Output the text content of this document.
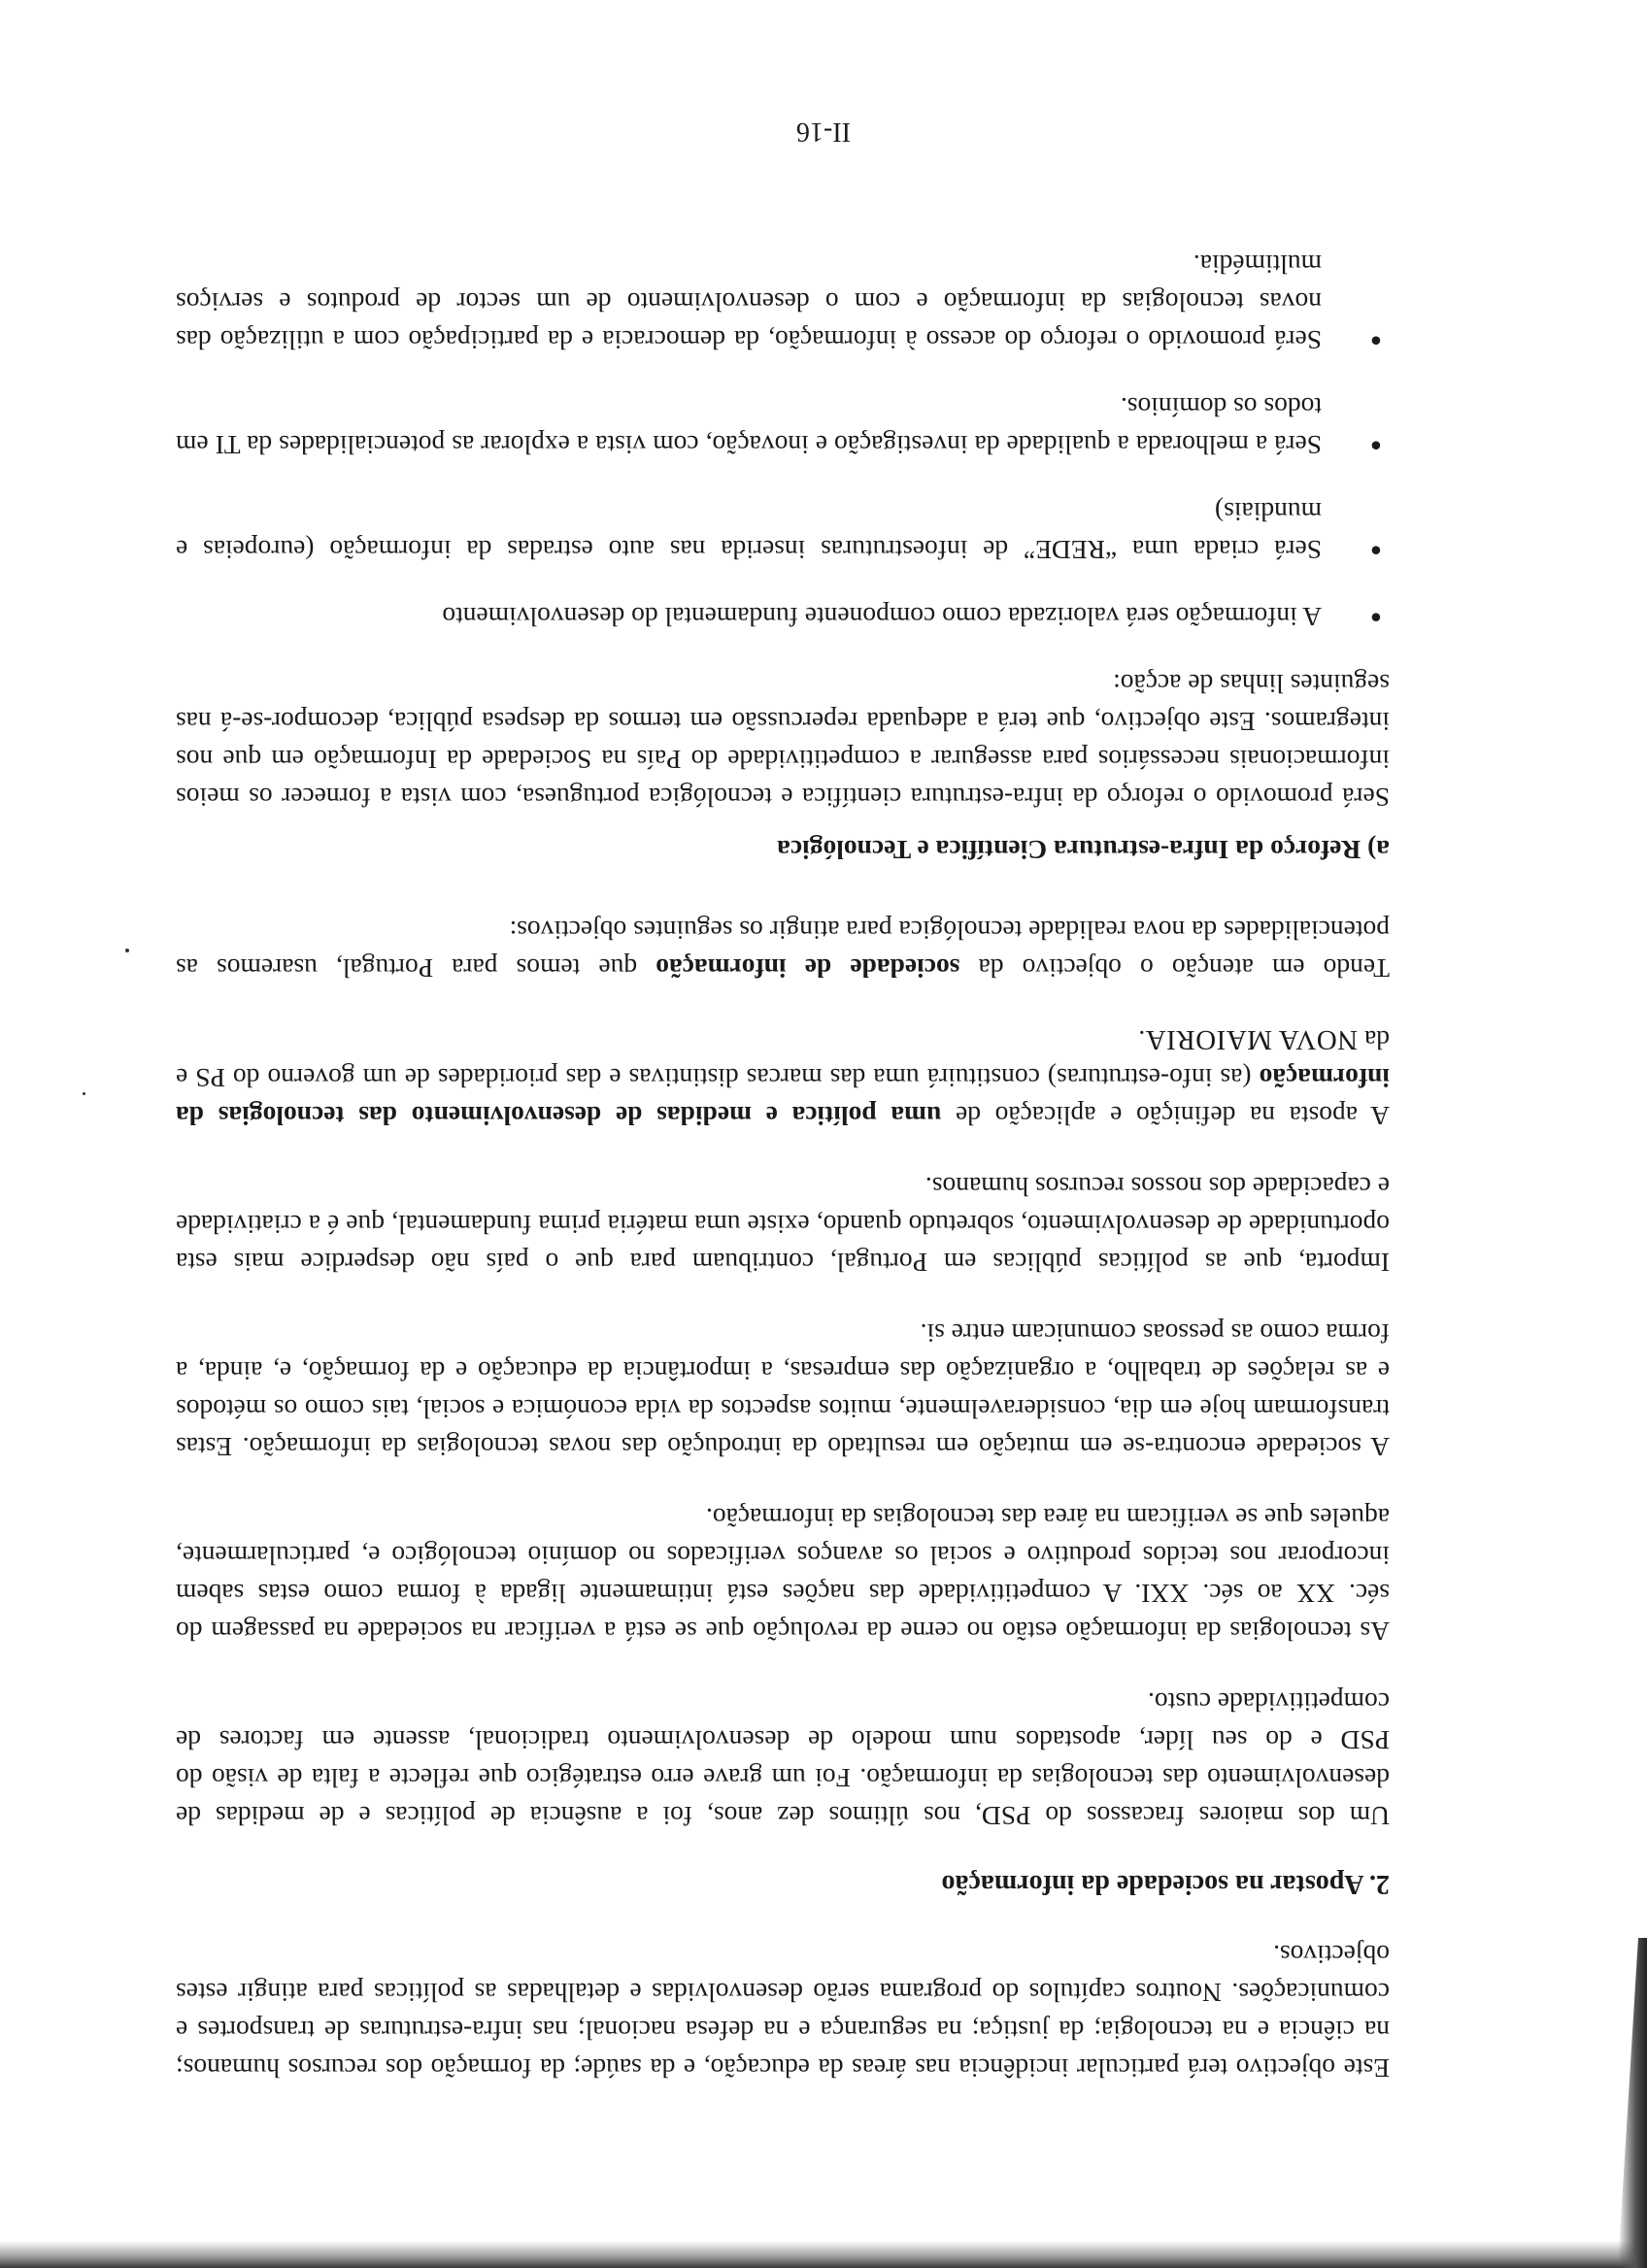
Este objectivo terá particular incidência nas áreas da educação, e da saúde; da formação dos recursos humanos; na ciência e na tecnologia; da justiça; na segurança e na defesa nacional; nas infra-estruturas de transportes e comunicações. Noutros capítulos do programa serão desenvolvidas e detalhadas as políticas para atingir estes objectivos.

2. Apostar na sociedade da informação

Um dos maiores fracassos do PSD, nos últimos dez anos, foi a ausência de políticas e de medidas de desenvolvimento das tecnologias da informação. Foi um grave erro estratégico que reflecte a falta de visão do PSD e do seu líder, apostados num modelo de desenvolvimento tradicional, assente em factores de competitividade custo.

As tecnologias da informação estão no cerne da revolução que se está a verificar na sociedade na passagem do séc. XX ao séc. XXI. A competitividade das nações está intimamente ligada à forma como estas sabem incorporar nos tecidos produtivo e social os avanços verificados no domínio tecnológico e, particularmente, aqueles que se verificam na área das tecnologias da informação.

A sociedade encontra-se em mutação em resultado da introdução das novas tecnologias da informação. Estas transformam hoje em dia, consideravelmente, muitos aspectos da vida económica e social, tais como os métodos e as relações de trabalho, a organização das empresas, a importância da educação e da formação, e, ainda, a forma como as pessoas comunicam entre si.

Importa, que as políticas públicas em Portugal, contribuam para que o país não desperdice mais esta oportunidade de desenvolvimento, sobretudo quando, existe uma matéria prima fundamental, que é a criatividade e capacidade dos nossos recursos humanos.

A aposta na definição e aplicação de uma política e medidas de desenvolvimento das tecnologias da informação (as info-estruturas) constituirá uma das marcas distintivas e das prioridades de um governo do PS e da NOVA MAIORIA.

Tendo em atenção o objectivo da sociedade de informação que temos para Portugal, usaremos as potencialidades da nova realidade tecnológica para atingir os seguintes objectivos:

a) Reforço da Infra-estrutura Científica e Tecnológica

Será promovido o reforço da infra-estrutura científica e tecnológica portuguesa, com vista a fornecer os meios informacionais necessários para assegurar a competitividade do País na Sociedade da Informação em que nos integramos. Este objectivo, que terá a adequada repercussão em termos da despesa pública, decompor-se-á nas seguintes linhas de acção:

●
A informação será valorizada como componente fundamental do desenvolvimento
●
Será criada uma “REDE” de infoestruturas inserida nas auto estradas da informação (europeias e mundiais)
●
Será a melhorada a qualidade da investigação e inovação, com vista a explorar as potencialidades da TI em todos os domínios.
●
Será promovido o reforço do acesso à informação, da democracia e da participação com a utilização das novas tecnologias da informação e com o desenvolvimento de um sector de produtos e serviços multimédia.
II-16
